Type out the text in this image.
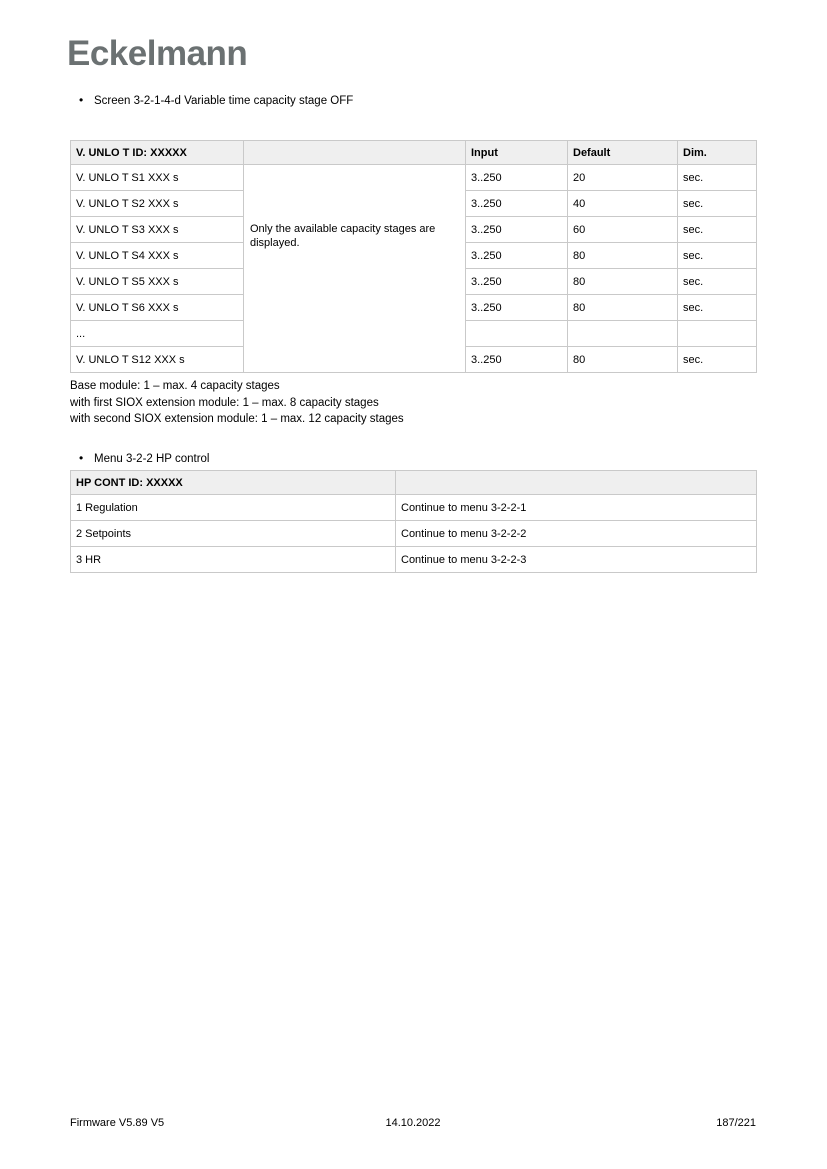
Eckelmann
• Screen 3-2-1-4-d Variable time capacity stage OFF
V. UNLO T ID: XXXXX		Input	Default	Dim.
V. UNLO T S1 XXX s	Only the available capacity stages are displayed.	3..250	20	sec.
V. UNLO T S2 XXX s		3..250	40	sec.
V. UNLO T S3 XXX s		3..250	60	sec.
V. UNLO T S4 XXX s		3..250	80	sec.
V. UNLO T S5 XXX s		3..250	80	sec.
V. UNLO T S6 XXX s		3..250	80	sec.
...				
V. UNLO T S12 XXX s		3..250	80	sec.
Base module: 1 – max. 4 capacity stages
with first SIOX extension module: 1 – max. 8 capacity stages
with second SIOX extension module: 1 – max. 12 capacity stages
• Menu 3-2-2 HP control
HP CONT ID: XXXXX	
1 Regulation	Continue to menu 3-2-2-1
2 Setpoints	Continue to menu 3-2-2-2
3 HR	Continue to menu 3-2-2-3
Firmware V5.89 V5	14.10.2022	187/221
